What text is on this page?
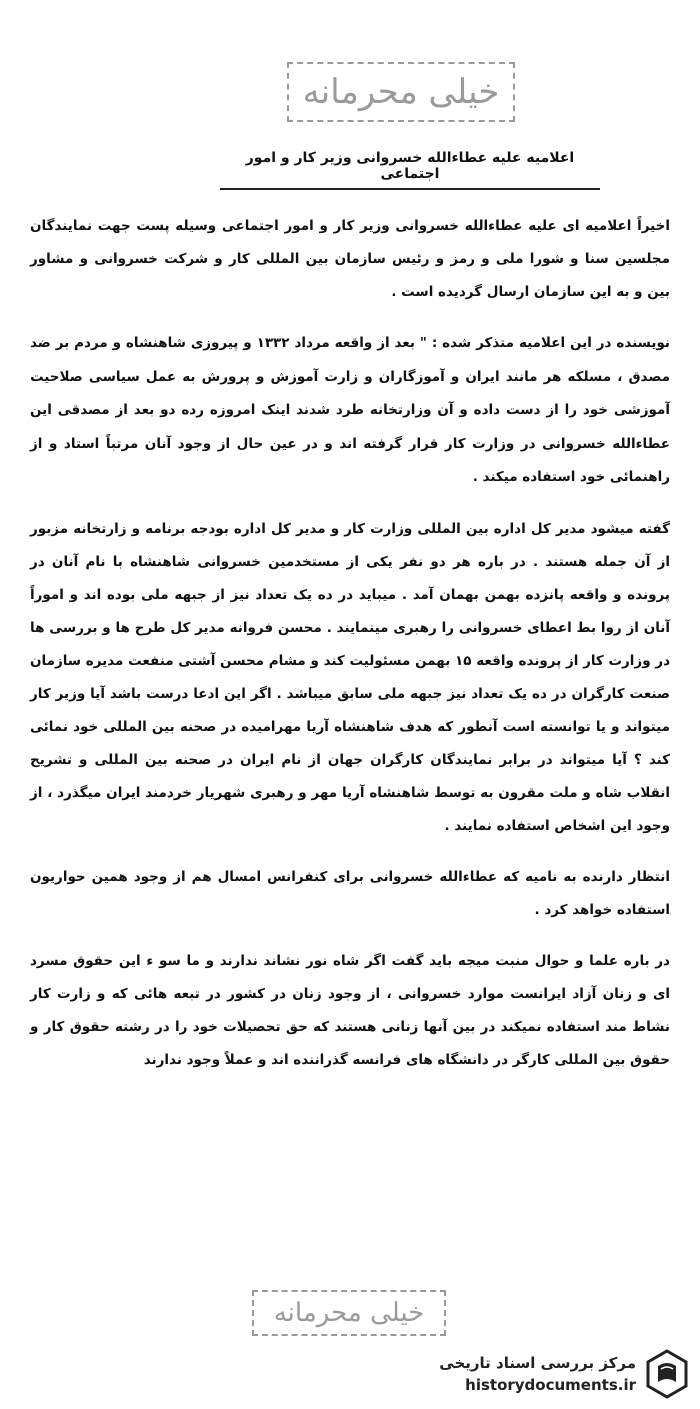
خیلی محرمانه
اعلامیه علیه عطاءالله خسروانی وزیر کار و امور اجتماعی

اخیراً اعلامیه ای علیه عطاءالله خسروانی وزیر کار و امور اجتماعی وسیله پست جهت نمایندگان مجلسین سنا و شورا ملی و رمز و رئیس سازمان بین المللی کار و شرکت خسروانی و مشاور بین و به این سازمان ارسال گردیده است .

نویسنده در این اعلامیه متذکر شده : " بعد از واقعه مرداد ۱۳۳۲ و پیروزی شاهنشاه و مردم بر ضد مصدق ، مسلکه هر مانند ایران و آموزگاران و زارت آموزش و پرورش به عمل سیاسی صلاحیت آموزشی خود را از دست داده و آن وزارتخانه طرد شدند اینک امروزه رده دو بعد از مصدقی این عطاءالله خسروانی در وزارت کار قرار گرفته اند و در عین حال از وجود آنان مرتباً استاد و از راهنمائی خود استفاده میکند .

گفته میشود مدیر کل اداره بین المللی وزارت کار و مدیر کل اداره بودجه برنامه و زارتخانه مزبور از آن جمله هستند . در باره هر دو نفر یکی از مستخدمین خسروانی شاهنشاه با نام آنان در پرونده و واقعه پانزده بهمن بهمان آمد . میباید در ده یک تعداد نیز از جبهه ملی بوده اند و اموراً آنان از روا بط اعطای خسروانی را رهبری مینمایند . محسن فروانه مدیر کل طرح ها و بررسی ها در وزارت کار از پرونده واقعه ۱۵ بهمن مسئولیت کند و مشام محسن آشتی منفعت مدیره سازمان صنعت کارگران در ده یک تعداد نیز جبهه ملی سابق میباشد . اگر این ادعا درست باشد آیا وزیر کار میتواند و یا توانسته است آنطور که هدف شاهنشاه آریا مهرامیده در صحنه بین المللی خود نمائی کند ؟ آیا میتواند در برابر نمایندگان کارگران جهان از نام ایران در صحنه بین المللی و تشریح انقلاب شاه و ملت مقرون به توسط شاهنشاه آریا مهر و رهبری شهریار خردمند ایران میگذرد ، از وجود این اشخاص استفاده نمایند .

انتظار دارنده به نامیه که عطاءالله خسروانی برای کنفرانس امسال هم از وجود همین حواریون استفاده خواهد کرد .

در باره علما و حوال منبت میجه باید گفت اگر شاه نور نشاند ندارند و ما سو ء این حقوق مسرد ای و زنان آزاد ایرانست موارد خسروانی ، از وجود زنان در کشور در تبعه هائی که و زارت کار نشاط مند استفاده نمیکند در بین آنها زنانی هستند که حق تحصیلات خود را در رشته حقوق کار و حقوق بین المللی کارگر در دانشگاه های فرانسه گذراننده اند و عملاً وجود ندارند

خیلی محرمانه
مرکز بررسی اسناد تاریخی
historydocuments.ir
